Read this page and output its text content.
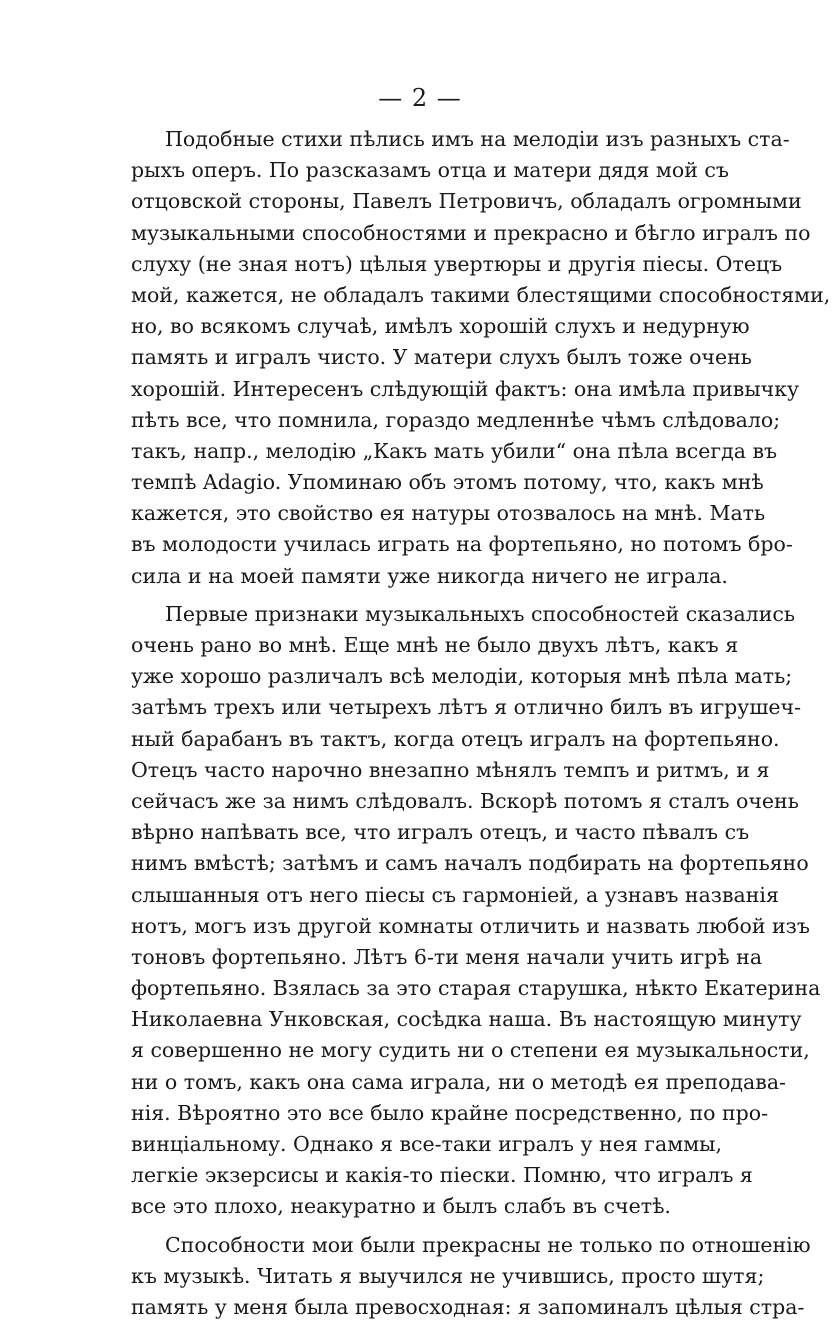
— 2 —
Подобные стихи пѣлись имъ на мелодіи изъ разныхъ ста-
рыхъ оперъ. По разсказамъ отца и матери дядя мой съ
отцовской стороны, Павелъ Петровичъ, обладалъ огромными
музыкальными способностями и прекрасно и бѣгло игралъ по
слуху (не зная нотъ) цѣлыя увертюры и другія піесы. Отецъ
мой, кажется, не обладалъ такими блестящими способностями,
но, во всякомъ случаѣ, имѣлъ хорошій слухъ и недурную
память и игралъ чисто. У матери слухъ былъ тоже очень
хорошій. Интересенъ слѣдующій фактъ: она имѣла привычку
пѣть все, что помнила, гораздо медленнѣе чѣмъ слѣдовало;
такъ, напр., мелодію „Какъ мать убили“ она пѣла всегда въ
темпѣ Adagio. Упоминаю объ этомъ потому, что, какъ мнѣ
кажется, это свойство ея натуры отозвалось на мнѣ. Мать
въ молодости училась играть на фортепьяно, но потомъ бро-
сила и на моей памяти уже никогда ничего не играла.
Первые признаки музыкальныхъ способностей сказались
очень рано во мнѣ. Еще мнѣ не было двухъ лѣтъ, какъ я
уже хорошо различалъ всѣ мелодіи, которыя мнѣ пѣла мать;
затѣмъ трехъ или четырехъ лѣтъ я отлично билъ въ игрушеч-
ный барабанъ въ тактъ, когда отецъ игралъ на фортепьяно.
Отецъ часто нарочно внезапно мѣнялъ темпъ и ритмъ, и я
сейчасъ же за нимъ слѣдовалъ. Вскорѣ потомъ я сталъ очень
вѣрно напѣвать все, что игралъ отецъ, и часто пѣвалъ съ
нимъ вмѣстѣ; затѣмъ и самъ началъ подбирать на фортепьяно
слышанныя отъ него піесы съ гармоніей, а узнавъ названія
нотъ, могъ изъ другой комнаты отличить и назвать любой изъ
тоновъ фортепьяно. Лѣтъ 6-ти меня начали учить игрѣ на
фортепьяно. Взялась за это старая старушка, нѣкто Екатерина
Николаевна Унковская, сосѣдка наша. Въ настоящую минуту
я совершенно не могу судить ни о степени ея музыкальности,
ни о томъ, какъ она сама играла, ни о методѣ ея преподава-
нія. Вѣроятно это все было крайне посредственно, по про-
винціальному. Однако я все-таки игралъ у нея гаммы,
легкіе экзерсисы и какія-то піески. Помню, что игралъ я
все это плохо, неакуратно и былъ слабъ въ счетѣ.
Способности мои были прекрасны не только по отношенію
къ музыкѣ. Читать я выучился не учившись, просто шутя;
память у меня была превосходная: я запоминалъ цѣлыя стра-
